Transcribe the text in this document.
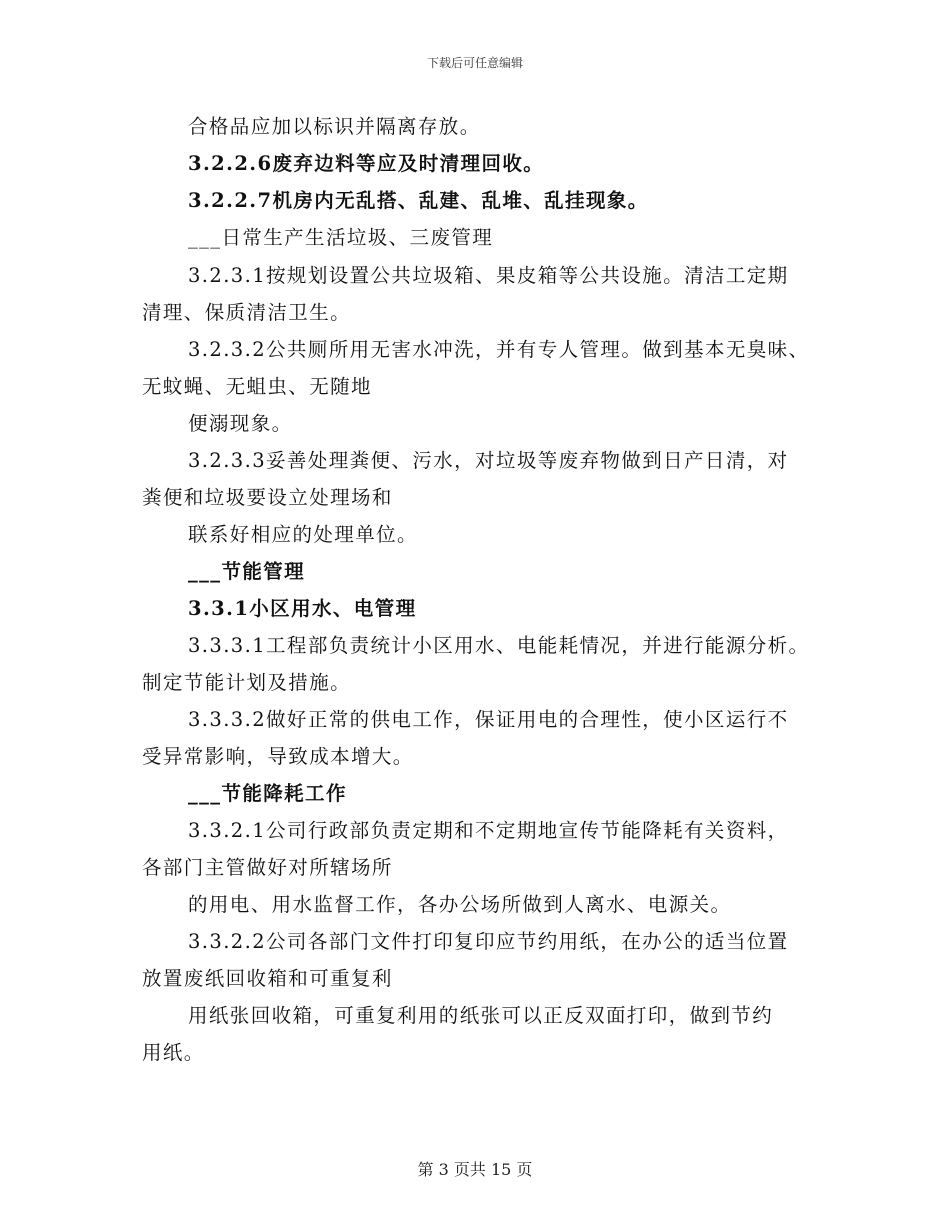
下载后可任意编辑
合格品应加以标识并隔离存放。
3.2.2.6废弃边料等应及时清理回收。
3.2.2.7机房内无乱搭、乱建、乱堆、乱挂现象。
___日常生产生活垃圾、三废管理
3.2.3.1按规划设置公共垃圾箱、果皮箱等公共设施。清洁工定期
清理、保质清洁卫生。
3.2.3.2公共厕所用无害水冲洗，并有专人管理。做到基本无臭味、
无蚊蝇、无蛆虫、无随地
便溺现象。
3.2.3.3妥善处理粪便、污水，对垃圾等废弃物做到日产日清，对
粪便和垃圾要设立处理场和
联系好相应的处理单位。
___节能管理
3.3.1小区用水、电管理
3.3.3.1工程部负责统计小区用水、电能耗情况，并进行能源分析。
制定节能计划及措施。
3.3.3.2做好正常的供电工作，保证用电的合理性，使小区运行不
受异常影响，导致成本增大。
___节能降耗工作
3.3.2.1公司行政部负责定期和不定期地宣传节能降耗有关资料，
各部门主管做好对所辖场所
的用电、用水监督工作，各办公场所做到人离水、电源关。
3.3.2.2公司各部门文件打印复印应节约用纸，在办公的适当位置
放置废纸回收箱和可重复利
用纸张回收箱，可重复利用的纸张可以正反双面打印，做到节约
用纸。
第 3 页共 15 页
